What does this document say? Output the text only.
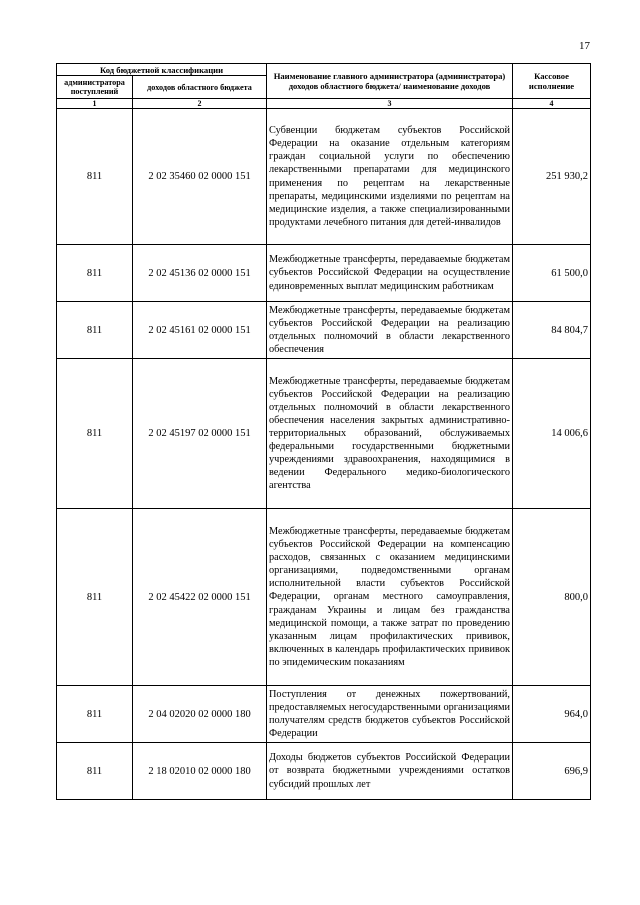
17
Код бюджетной классификации		Наименование главного администратора (администратора) доходов областного бюджета/ наименование доходов	Кассовое исполнение
администратора поступлений	доходов областного бюджета		
1	2	3	4
811	2 02 35460 02 0000 151	Субвенции бюджетам субъектов Российской Федерации на оказание отдельным категориям граждан социальной услуги по обеспечению лекарственными препаратами для медицинского применения по рецептам на лекарственные препараты, медицинскими изделиями по рецептам на медицинские изделия, а также специализированными продуктами лечебного питания для детей-инвалидов	251 930,2
811	2 02 45136 02 0000 151	Межбюджетные трансферты, передаваемые бюджетам субъектов Российской Федерации на осуществление единовременных выплат медицинским работникам	61 500,0
811	2 02 45161 02 0000 151	Межбюджетные трансферты, передаваемые бюджетам субъектов Российской Федерации на реализацию отдельных полномочий в области лекарственного обеспечения	84 804,7
811	2 02 45197 02 0000 151	Межбюджетные трансферты, передаваемые бюджетам субъектов Российской Федерации на реализацию отдельных полномочий в области лекарственного обеспечения населения закрытых административно-территориальных образований, обслуживаемых федеральными государственными бюджетными учреждениями здравоохранения, находящимися в ведении Федерального медико-биологического агентства	14 006,6
811	2 02 45422 02 0000 151	Межбюджетные трансферты, передаваемые бюджетам субъектов Российской Федерации на компенсацию расходов, связанных с оказанием медицинскими организациями, подведомственными органам исполнительной власти субъектов Российской Федерации, органам местного самоуправления, гражданам Украины и лицам без гражданства медицинской помощи, а также затрат по проведению указанным лицам профилактических прививок, включенных в календарь профилактических прививок по эпидемическим показаниям	800,0
811	2 04 02020 02 0000 180	Поступления от денежных пожертвований, предоставляемых негосударственными организациями получателям средств бюджетов субъектов Российской Федерации	964,0
811	2 18 02010 02 0000 180	Доходы бюджетов субъектов Российской Федерации от возврата бюджетными учреждениями остатков субсидий прошлых лет	696,9
